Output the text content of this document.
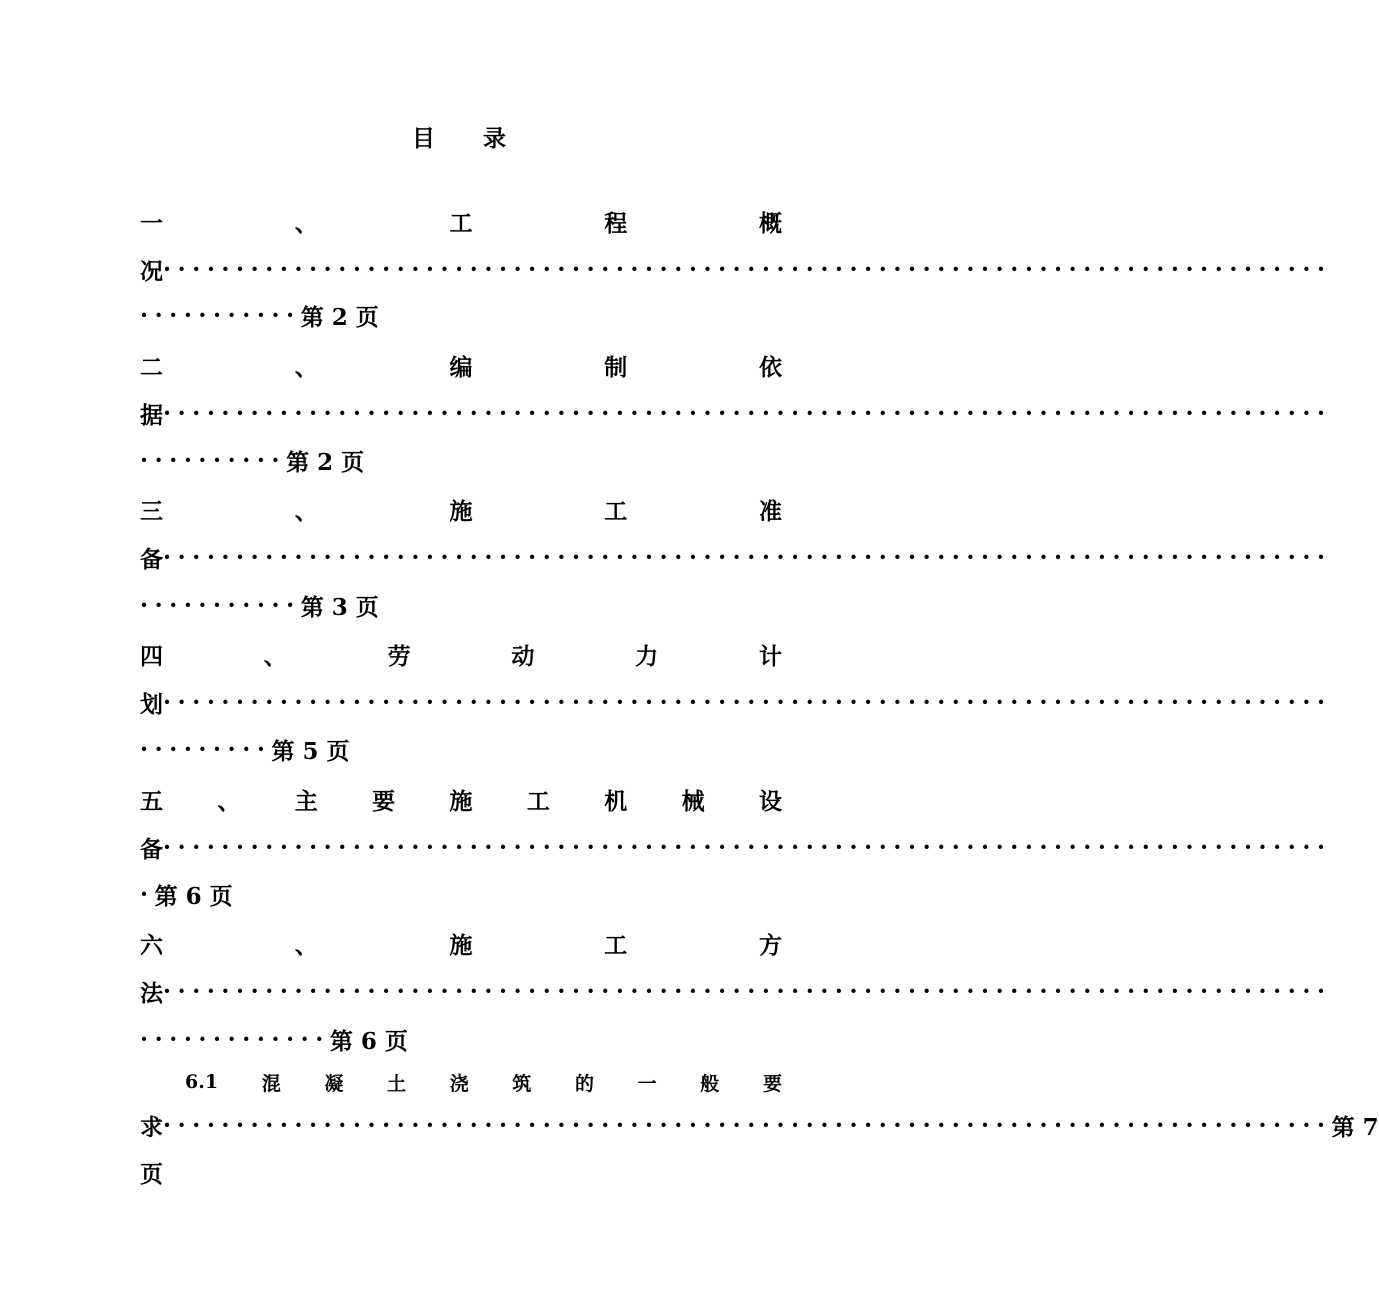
目 录
一	、	工	程	概
况 ················································································
··········· 第 2 页
二	、	编	制	依
据 ················································································
·········· 第 2 页
三	、	施	工	准
备 ················································································
··········· 第 3 页
四	、	劳	动	力	计
划 ················································································
········· 第 5 页
五 、 主 要 施 工 机 械 设
备 ················································································
· 第 6 页
六	、	施	工	方
法 ················································································
············· 第 6 页
6.1 混 凝 土 浇 筑 的 一 般 要
求 ················································································ 第 7
页
